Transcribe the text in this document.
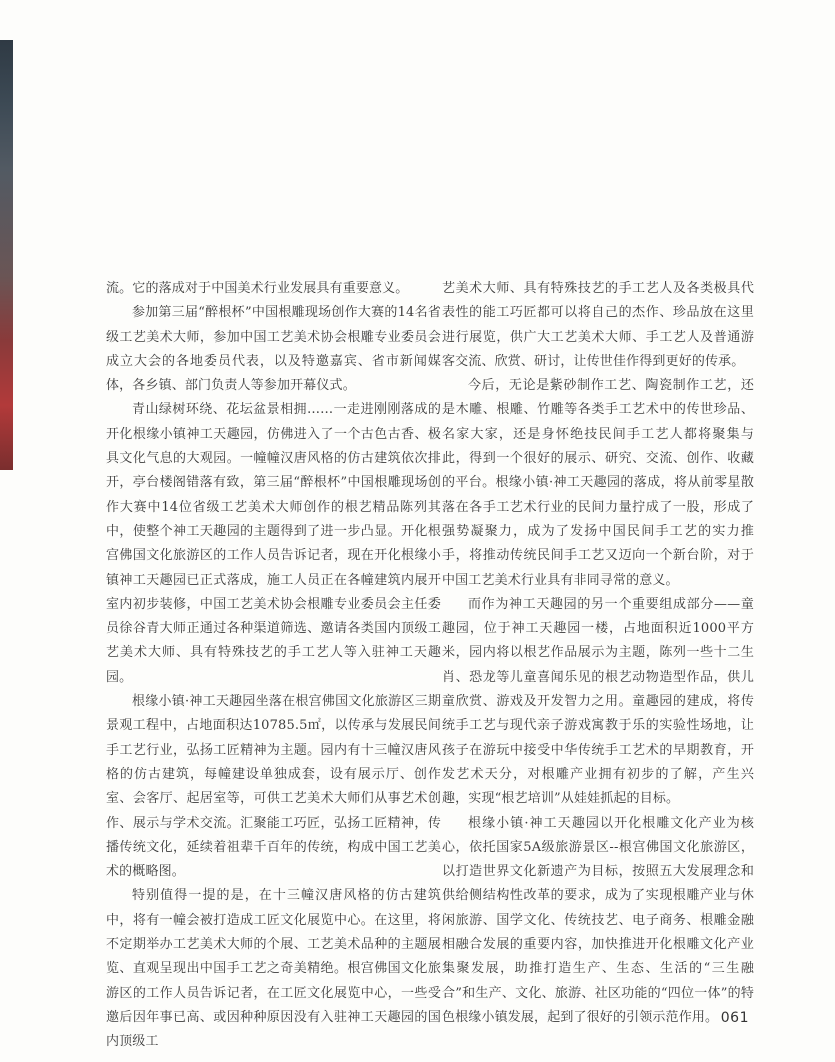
流。它的落成对于中国美术行业发展具有重要意义。

参加第三届“醉根杯”中国根雕现场创作大赛的14名省级工艺美术大师，参加中国工艺美术协会根雕专业委员会成立大会的各地委员代表，以及特邀嘉宾、省市新闻媒体，各乡镇、部门负责人等参加开幕仪式。

青山绿树环绕、花坛盆景相拥……一走进刚刚落成的开化根缘小镇神工天趣园，仿佛进入了一个古色古香、极具文化气息的大观园。一幢幢汉唐风格的仿古建筑依次排开，亭台楼阁错落有致，第三届“醉根杯”中国根雕现场创作大赛中14位省级工艺美术大师创作的根艺精品陈列其中，使整个神工天趣园的主题得到了进一步凸显。开化根宫佛国文化旅游区的工作人员告诉记者，现在开化根缘小镇神工天趣园已正式落成，施工人员正在各幢建筑内展开室内初步装修，中国工艺美术协会根雕专业委员会主任委员徐谷青大师正通过各种渠道筛选、邀请各类国内顶级工艺美术大师、具有特殊技艺的手工艺人等入驻神工天趣园。

根缘小镇·神工天趣园坐落在根宫佛国文化旅游区三期景观工程中，占地面积达10785.5㎡，以传承与发展民间手工艺行业，弘扬工匠精神为主题。园内有十三幢汉唐风格的仿古建筑，每幢建设单独成套，设有展示厅、创作室、会客厅、起居室等，可供工艺美术大师们从事艺术创作、展示与学术交流。汇聚能工巧匠，弘扬工匠精神，传播传统文化，延续着祖辈千百年的传统，构成中国工艺美术的概略图。

特别值得一提的是，在十三幢汉唐风格的仿古建筑中，将有一幢会被打造成工匠文化展览中心。在这里，将不定期举办工艺美术大师的个展、工艺美术品种的主题展览、直观呈现出中国手工艺之奇美精绝。根宫佛国文化旅游区的工作人员告诉记者，在工匠文化展览中心，一些受邀后因年事已高、或因种种原因没有入驻神工天趣园的国内顶级工

艺美术大师、具有特殊技艺的手工艺人及各类极具代表性的能工巧匠都可以将自己的杰作、珍品放在这里进行展览，供广大工艺美术大师、手工艺人及普通游客交流、欣赏、研讨，让传世佳作得到更好的传承。

今后，无论是紫砂制作工艺、陶瓷制作工艺，还是木雕、根雕、竹雕等各类手工艺术中的传世珍品、名家大家，还是身怀绝技民间手工艺人都将聚集与此，得到一个很好的展示、研究、交流、创作、收藏的平台。根缘小镇·神工天趣园的落成，将从前零星散落在各手工艺术行业的民间力量拧成了一股，形成了强势凝聚力，成为了发扬中国民间手工艺的实力推手，将推动传统民间手工艺又迈向一个新台阶，对于中国工艺美术行业具有非同寻常的意义。

而作为神工天趣园的另一个重要组成部分——童趣园，位于神工天趣园一楼，占地面积近1000平方米，园内将以根艺作品展示为主题，陈列一些十二生肖、恐龙等儿童喜闻乐见的根艺动物造型作品，供儿童欣赏、游戏及开发智力之用。童趣园的建成，将传统手工艺与现代亲子游戏寓教于乐的实验性场地，让孩子在游玩中接受中华传统手工艺术的早期教育，开发艺术天分，对根雕产业拥有初步的了解，产生兴趣，实现“根艺培训”从娃娃抓起的目标。

根缘小镇·神工天趣园以开化根雕文化产业为核心，依托国家5A级旅游景区--根宫佛国文化旅游区，以打造世界文化新遗产为目标，按照五大发展理念和供给侧结构性改革的要求，成为了实现根雕产业与休闲旅游、国学文化、传统技艺、电子商务、根雕金融相融合发展的重要内容，加快推进开化根雕文化产业集聚发展，助推打造生产、生态、生活的“三生融合”和生产、文化、旅游、社区功能的“四位一体”的特色根缘小镇发展，起到了很好的引领示范作用。 061
